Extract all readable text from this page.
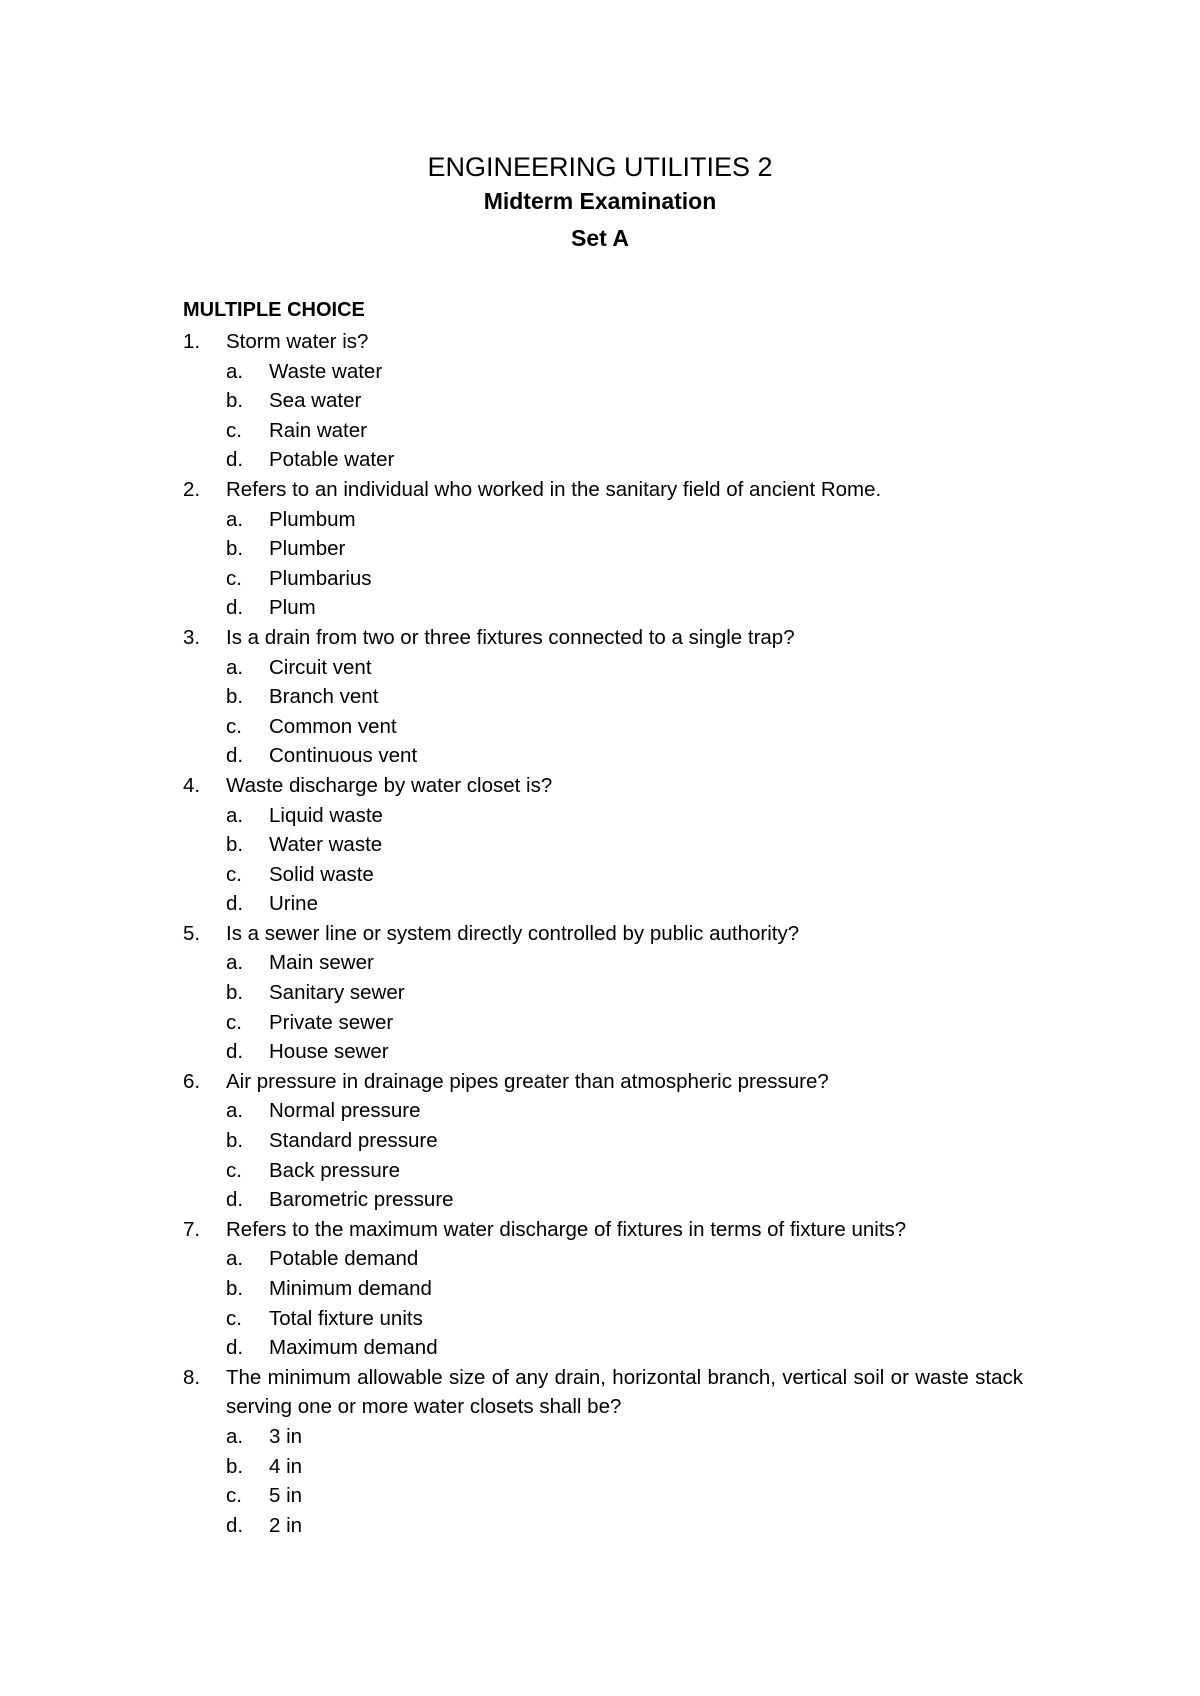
ENGINEERING UTILITIES 2
Midterm Examination
Set A
MULTIPLE CHOICE
1.	Storm water is?
a.	Waste water
b.	Sea water
c.	Rain water
d.	Potable water
2.	Refers to an individual who worked in the sanitary field of ancient Rome.
a.	Plumbum
b.	Plumber
c.	Plumbarius
d.	Plum
3.	Is a drain from two or three fixtures connected to a single trap?
a.	Circuit vent
b.	Branch vent
c.	Common vent
d.	Continuous vent
4.	Waste discharge by water closet is?
a.	Liquid waste
b.	Water waste
c.	Solid waste
d.	Urine
5.	Is a sewer line or system directly controlled by public authority?
a.	Main sewer
b.	Sanitary sewer
c.	Private sewer
d.	House sewer
6.	Air pressure in drainage pipes greater than atmospheric pressure?
a.	Normal pressure
b.	Standard pressure
c.	Back pressure
d.	Barometric pressure
7.	Refers to the maximum water discharge of fixtures in terms of fixture units?
a.	Potable demand
b.	Minimum demand
c.	Total fixture units
d.	Maximum demand
8.	The minimum allowable size of any drain, horizontal branch, vertical soil or waste stack serving one or more water closets shall be?
a.	3 in
b.	4 in
c.	5 in
d.	2 in
